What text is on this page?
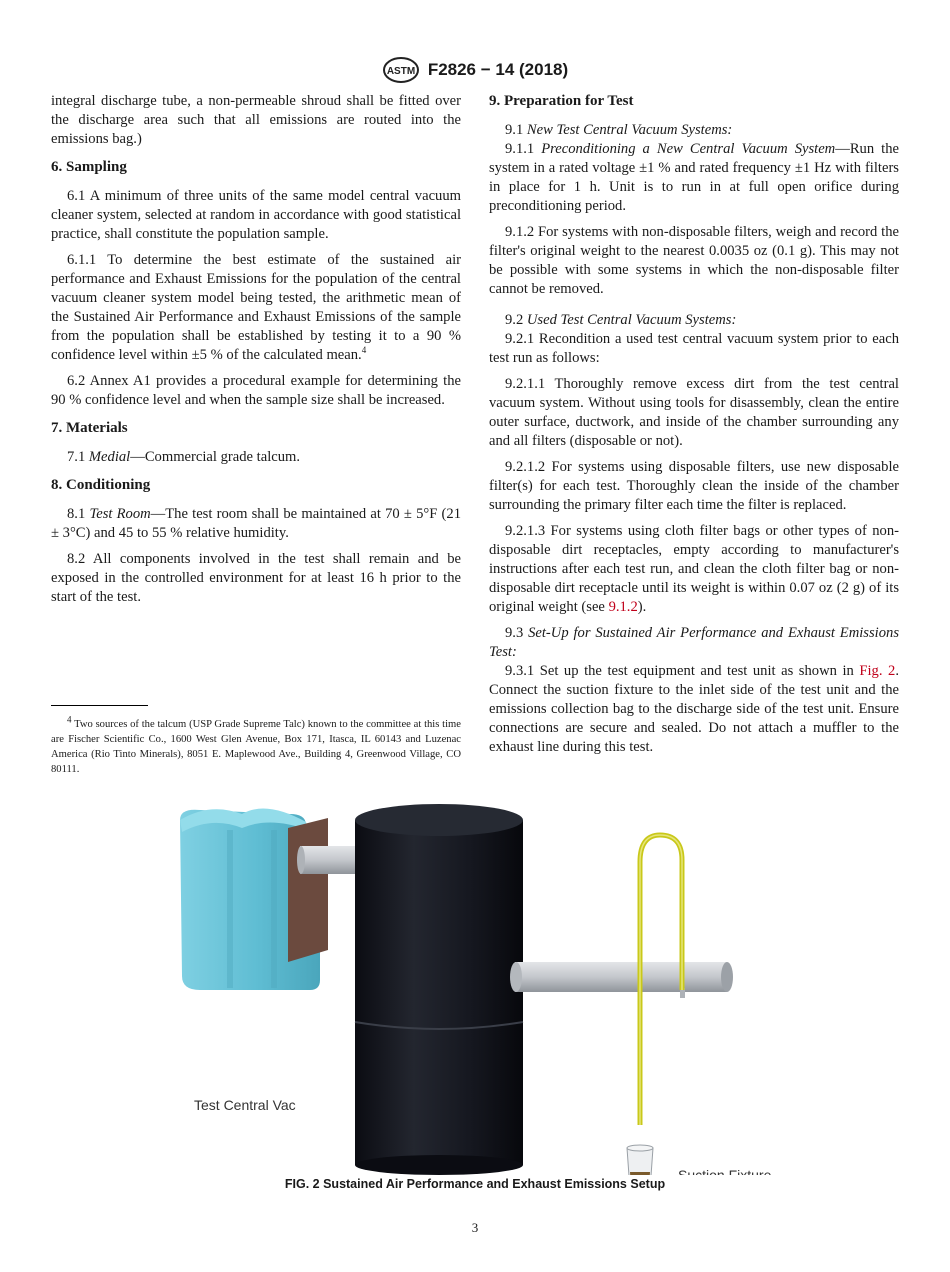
ASTM F2826 − 14 (2018)

integral discharge tube, a non-permeable shroud shall be fitted over the discharge area such that all emissions are routed into the emissions bag.)

6. Sampling

6.1 A minimum of three units of the same model central vacuum cleaner system, selected at random in accordance with good statistical practice, shall constitute the population sample.

6.1.1 To determine the best estimate of the sustained air performance and Exhaust Emissions for the population of the central vacuum cleaner system model being tested, the arithmetic mean of the Sustained Air Performance and Exhaust Emissions of the sample from the population shall be established by testing it to a 90 % confidence level within ±5 % of the calculated mean.$^4$

6.2 Annex A1 provides a procedural example for determining the 90 % confidence level and when the sample size shall be increased.

7. Materials

7.1 Medial—Commercial grade talcum.

8. Conditioning

8.1 Test Room—The test room shall be maintained at 70 ± 5°F (21 ± 3°C) and 45 to 55 % relative humidity.

8.2 All components involved in the test shall remain and be exposed in the controlled environment for at least 16 h prior to the start of the test.

$^4$ Two sources of the talcum (USP Grade Supreme Talc) known to the committee at this time are Fischer Scientific Co., 1600 West Glen Avenue, Box 171, Itasca, IL 60143 and Luzenac America (Rio Tinto Minerals), 8051 E. Maplewood Ave., Building 4, Greenwood Village, CO 80111.
9. Preparation for Test

9.1 New Test Central Vacuum Systems:

9.1.1 Preconditioning a New Central Vacuum System—Run the system in a rated voltage ±1 % and rated frequency ±1 Hz with filters in place for 1 h. Unit is to run in at full open orifice during preconditioning period.

9.1.2 For systems with non-disposable filters, weigh and record the filter's original weight to the nearest 0.0035 oz (0.1 g). This may not be possible with some systems in which the non-disposable filter cannot be removed.

9.2 Used Test Central Vacuum Systems:

9.2.1 Recondition a used test central vacuum system prior to each test run as follows:

9.2.1.1 Thoroughly remove excess dirt from the test central vacuum system. Without using tools for disassembly, clean the entire outer surface, ductwork, and inside of the chamber surrounding any and all filters (disposable or not).

9.2.1.2 For systems using disposable filters, use new disposable filter(s) for each test. Thoroughly clean the inside of the chamber surrounding the primary filter each time the filter is replaced.

9.2.1.3 For systems using cloth filter bags or other types of non-disposable dirt receptacles, empty according to manufacturer's instructions after each test run, and clean the cloth filter bag or non-disposable dirt receptacle until its weight is within 0.07 oz (2 g) of its original weight (see 9.1.2).

9.3 Set-Up for Sustained Air Performance and Exhaust Emissions Test:

9.3.1 Set up the test equipment and test unit as shown in Fig. 2. Connect the suction fixture to the inlet side of the test unit and the emissions collection bag to the discharge side of the test unit. Ensure connections are secure and sealed. Do not attach a muffler to the exhaust line during this test.

Suction Fixture
Test Central Vac
FIG. 2 Sustained Air Performance and Exhaust Emissions Setup
3
